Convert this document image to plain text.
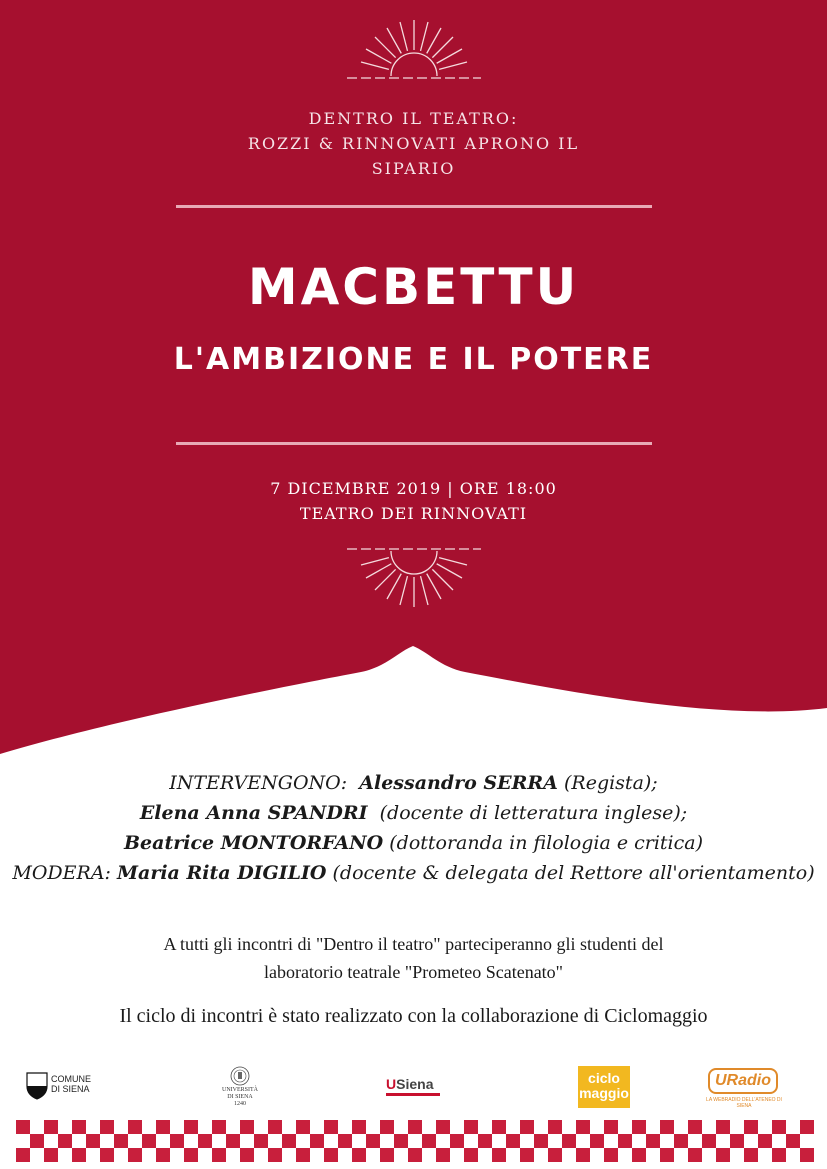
DENTRO IL TEATRO:
ROZZI & RINNOVATI APRONO IL
SIPARIO
MACBETTU
L'AMBIZIONE E IL POTERE
7 DICEMBRE 2019 | ORE 18:00
TEATRO DEI RINNOVATI
INTERVENGONO: Alessandro SERRA (Regista);
Elena Anna SPANDRI (docente di letteratura inglese);
Beatrice MONTORFANO (dottoranda in filologia e critica)
MODERA: Maria Rita DIGILIO (docente & delegata del Rettore all'orientamento)
A tutti gli incontri di "Dentro il teatro" parteciperanno gli studenti del
laboratorio teatrale "Prometeo Scatenato"
Il ciclo di incontri è stato realizzato con la collaborazione di Ciclomaggio
COMUNE DI SIENA	UNIVERSITÀ
DI SIENA
1240
USiena	ciclo
maggio
URadio
LA WEBRADIO DELL'ATENEO DI SIENA
